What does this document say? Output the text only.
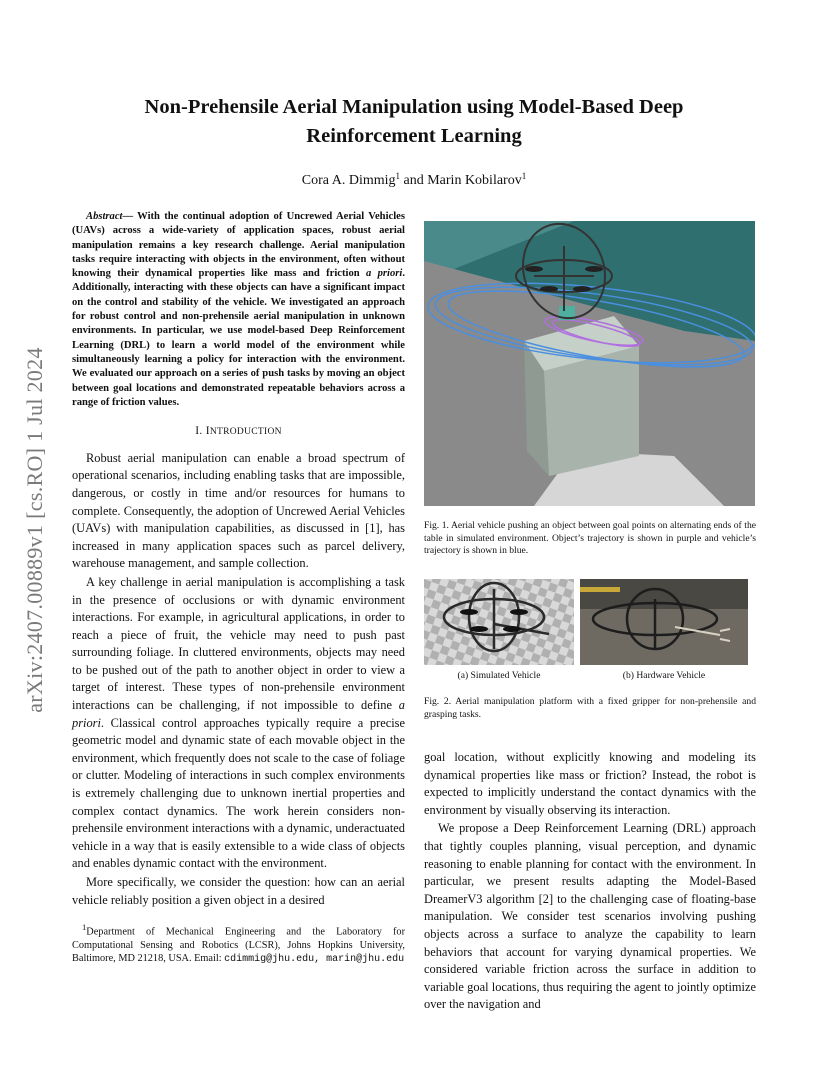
arXiv:2407.00889v1 [cs.RO] 1 Jul 2024
Non-Prehensile Aerial Manipulation using Model-Based Deep
Reinforcement Learning
Cora A. Dimmig$^1$ and Marin Kobilarov$^1$

Abstract— With the continual adoption of Uncrewed Aerial Vehicles (UAVs) across a wide-variety of application spaces, robust aerial manipulation remains a key research challenge. Aerial manipulation tasks require interacting with objects in the environment, often without knowing their dynamical properties like mass and friction a priori. Additionally, interacting with these objects can have a significant impact on the control and stability of the vehicle. We investigated an approach for robust control and non-prehensile aerial manipulation in unknown environments. In particular, we use model-based Deep Reinforcement Learning (DRL) to learn a world model of the environment while simultaneously learning a policy for interaction with the environment. We evaluated our approach on a series of push tasks by moving an object between goal locations and demonstrated repeatable behaviors across a range of friction values.

I. INTRODUCTION

Robust aerial manipulation can enable a broad spectrum of operational scenarios, including enabling tasks that are impossible, dangerous, or costly in time and/or resources for humans to complete. Consequently, the adoption of Uncrewed Aerial Vehicles (UAVs) with manipulation capabilities, as discussed in [1], has increased in many application spaces such as parcel delivery, warehouse management, and sample collection.

A key challenge in aerial manipulation is accomplishing a task in the presence of occlusions or with dynamic environment interactions. For example, in agricultural applications, in order to reach a piece of fruit, the vehicle may need to push past surrounding foliage. In cluttered environments, objects may need to be pushed out of the path to another object in order to view a target of interest. These types of non-prehensile environment interactions can be challenging, if not impossible to define a priori. Classical control approaches typically require a precise geometric model and dynamic state of each movable object in the environment, which frequently does not scale to the case of foliage or clutter. Modeling of interactions in such complex environments is extremely challenging due to unknown inertial properties and complex contact dynamics. The work herein considers non-prehensile environment interactions with a dynamic, underactuated vehicle in a way that is easily extensible to a wide class of objects and enables dynamic contact with the environment.

More specifically, we consider the question: how can an aerial vehicle reliably position a given object in a desired

$^1$Department of Mechanical Engineering and the Laboratory for Computational Sensing and Robotics (LCSR), Johns Hopkins University, Baltimore, MD 21218, USA. Email: cdimmig@jhu.edu, marin@jhu.edu
Fig. 1. Aerial vehicle pushing an object between goal points on alternating ends of the table in simulated environment. Object’s trajectory is shown in purple and vehicle’s trajectory is shown in blue.
(a) Simulated Vehicle	(b) Hardware Vehicle
Fig. 2. Aerial manipulation platform with a fixed gripper for non-prehensile and grasping tasks.

goal location, without explicitly knowing and modeling its dynamical properties like mass or friction? Instead, the robot is expected to implicitly understand the contact dynamics with the environment by visually observing its interaction.

We propose a Deep Reinforcement Learning (DRL) approach that tightly couples planning, visual perception, and dynamic reasoning to enable planning for contact with the environment. In particular, we present results adapting the Model-Based DreamerV3 algorithm [2] to the challenging case of floating-base manipulation. We consider test scenarios involving pushing objects across a surface to analyze the capability to learn behaviors that account for varying dynamical properties. We considered variable friction across the surface in addition to variable goal locations, thus requiring the agent to jointly optimize over the navigation and
